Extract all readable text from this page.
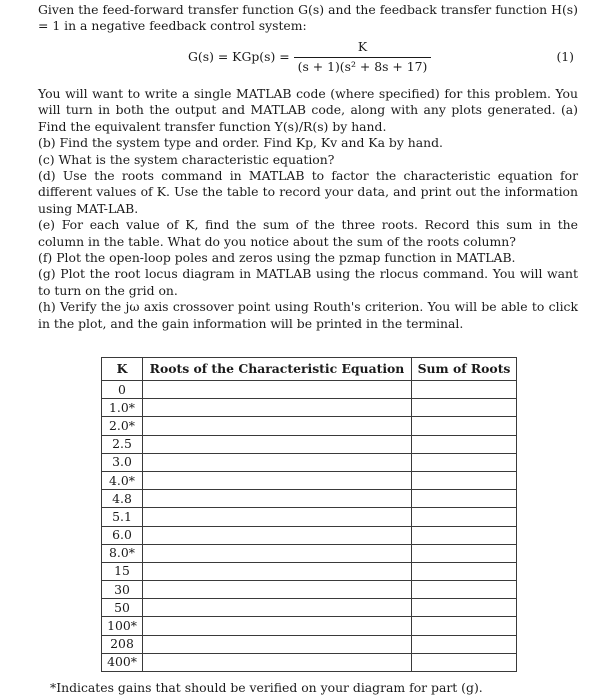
Given the feed-forward transfer function G(s) and the feedback transfer function H(s) = 1 in a negative feedback control system:
$G(s) = KGp(s) = \frac{K}{\text{(s + 1)(s² + 8s + 17)}}$	(1)

You will want to write a single MATLAB code (where specified) for this problem. You will turn in both the output and MATLAB code, along with any plots generated. (a) Find the equivalent transfer function Y(s)/R(s) by hand.

(b) Find the system type and order. Find Kp, Kv and Ka by hand.

(c) What is the system characteristic equation?

(d) Use the roots command in MATLAB to factor the characteristic equation for different values of K. Use the table to record your data, and print out the information using MAT-LAB.

(e) For each value of K, find the sum of the three roots. Record this sum in the column in the table. What do you notice about the sum of the roots column?

(f) Plot the open-loop poles and zeros using the pzmap function in MATLAB.

(g) Plot the root locus diagram in MATLAB using the rlocus command. You will want to turn on the grid on.

(h) Verify the jω axis crossover point using Routh's criterion. You will be able to click in the plot, and the gain information will be printed in the terminal.

K	Roots of the Characteristic Equation	Sum of Roots
0		
1.0*		
2.0*		
2.5		
3.0		
4.0*		
4.8		
5.1		
6.0		
8.0*		
15		
30		
50		
100*		
208		
400*		
*Indicates gains that should be verified on your diagram for part (g).
